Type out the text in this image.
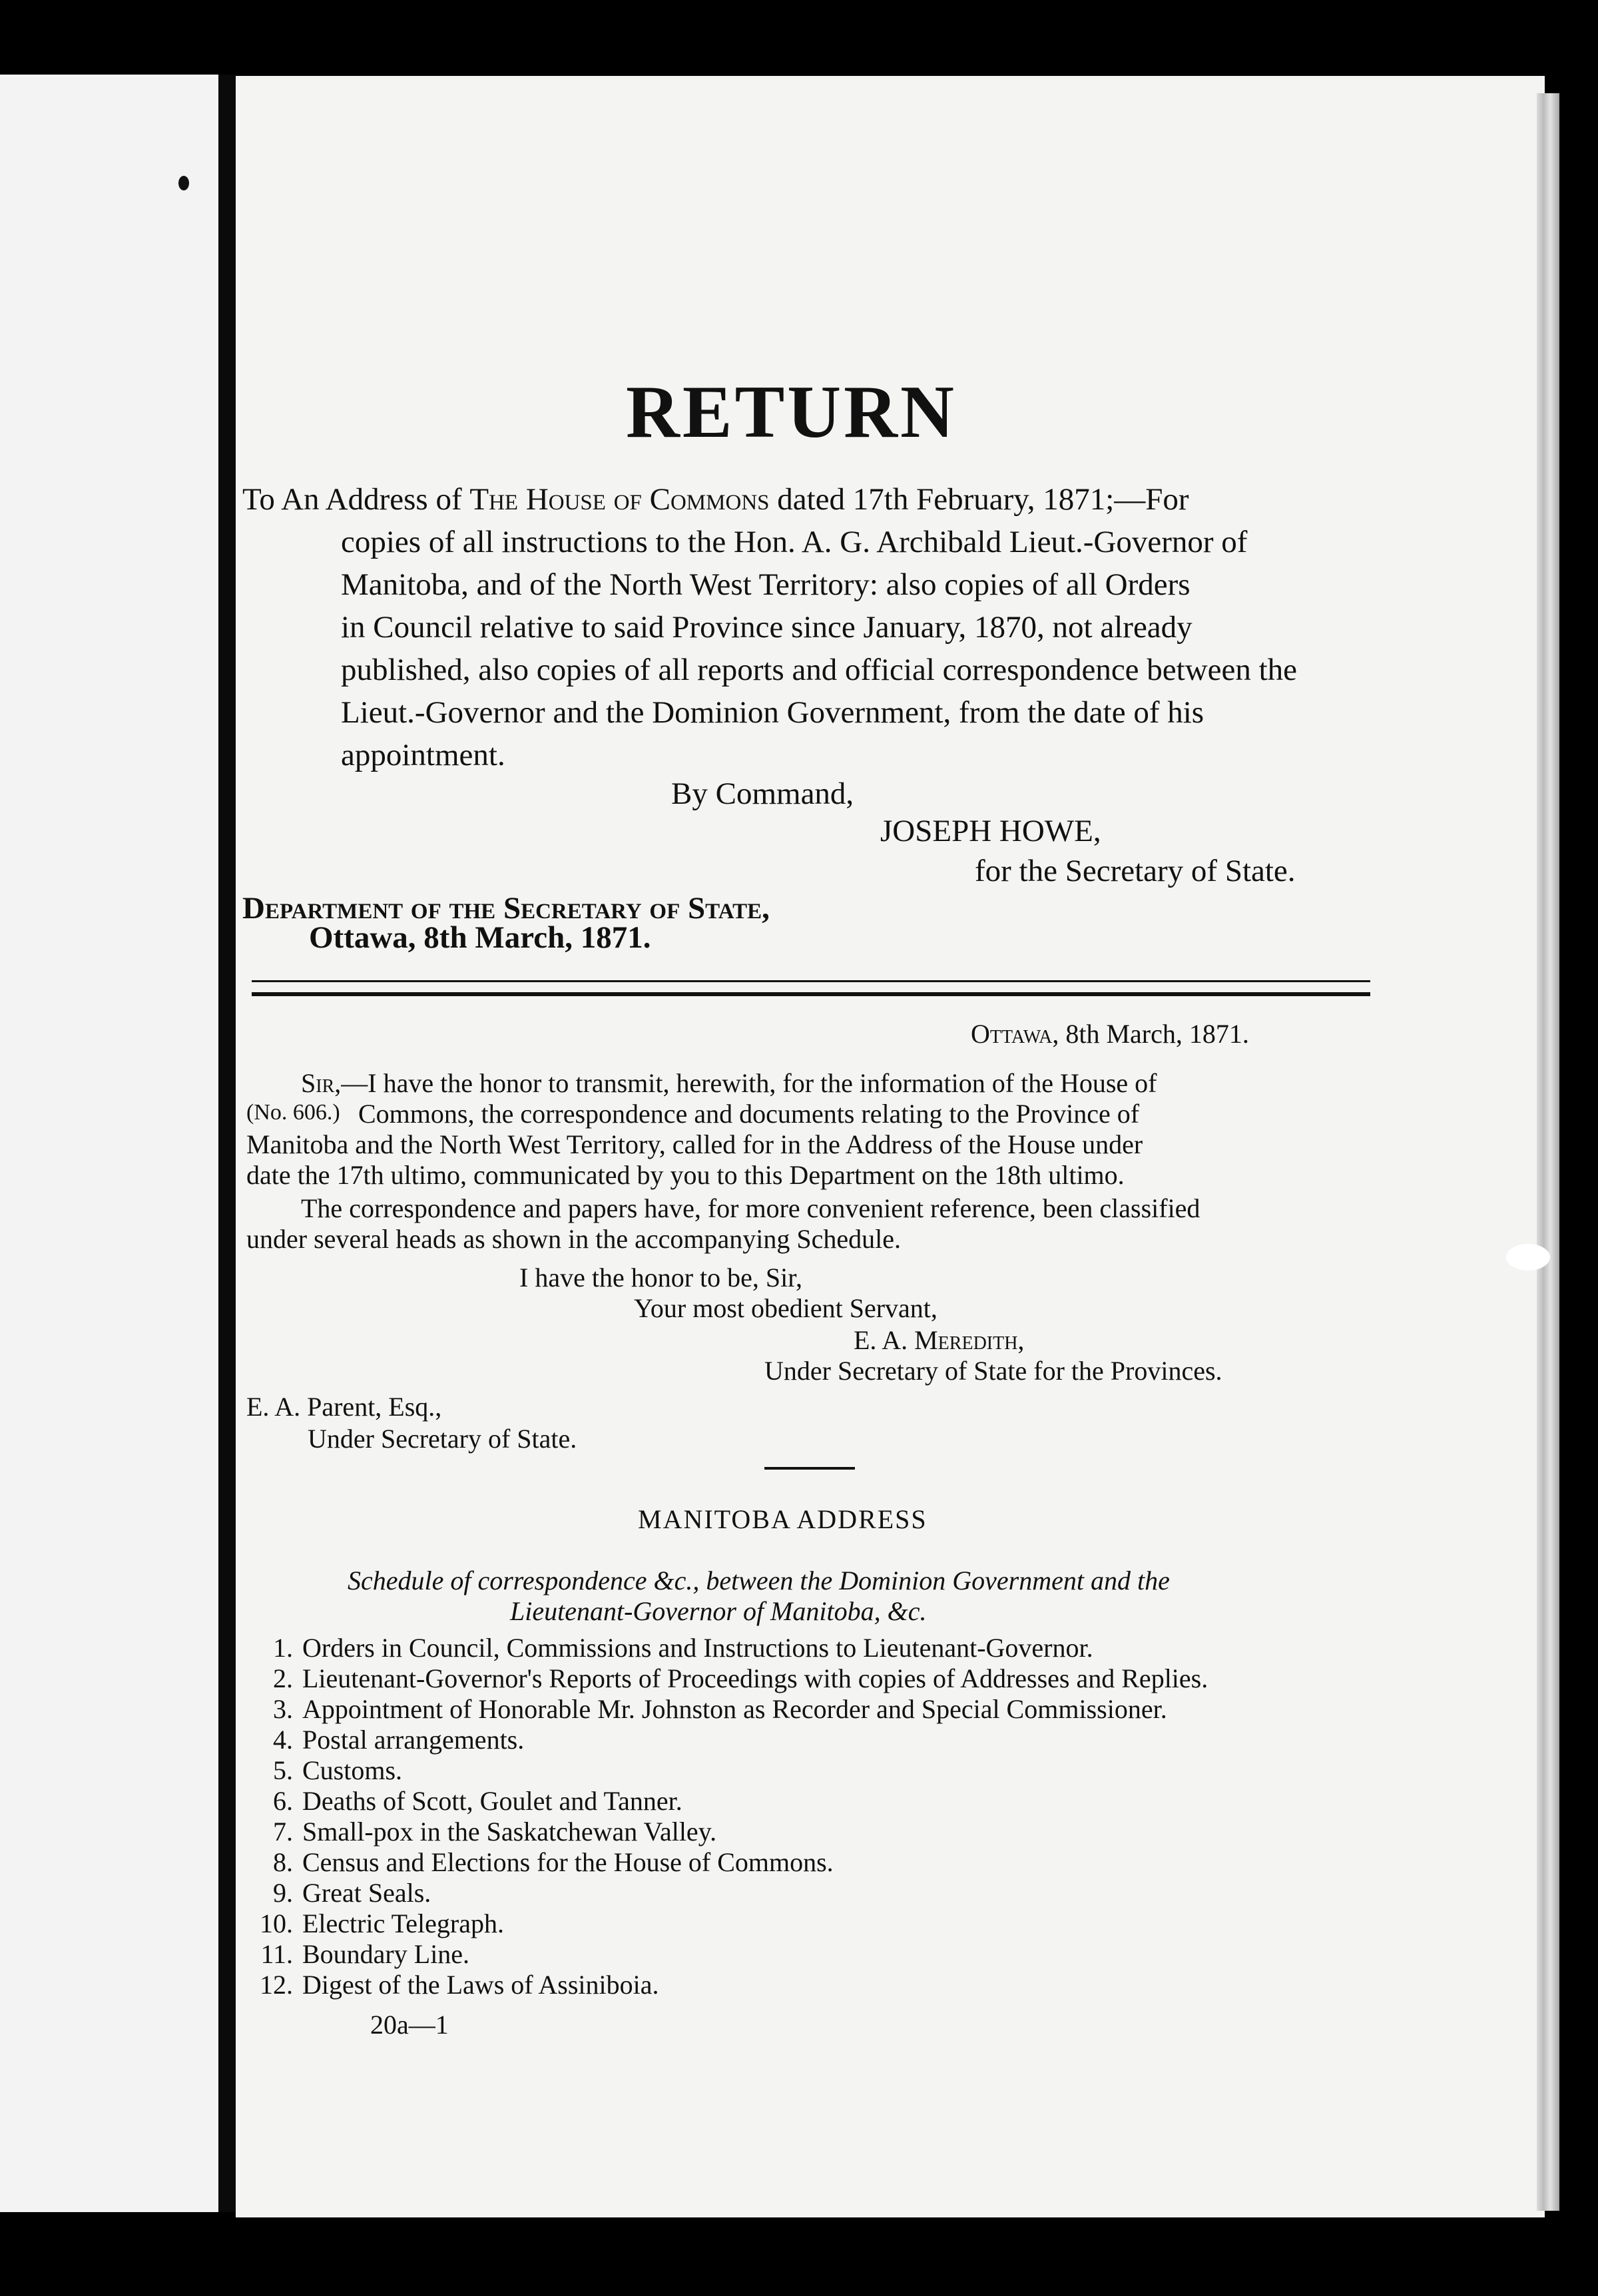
RETURN
To An Address of The House of Commons dated 17th February, 1871;—For
copies of all instructions to the Hon. A. G. Archibald Lieut.-Governor of
Manitoba, and of the North West Territory: also copies of all Orders
in Council relative to said Province since January, 1870, not already
published, also copies of all reports and official correspondence between the
Lieut.-Governor and the Dominion Government, from the date of his
appointment.
By Command,
JOSEPH HOWE,
for the Secretary of State.
Department of the Secretary of State,
Ottawa, 8th March, 1871.
Ottawa, 8th March, 1871.
Sir,—I have the honor to transmit, herewith, for the information of the House of
(No. 606.) Commons, the correspondence and documents relating to the Province of
Manitoba and the North West Territory, called for in the Address of the House under
date the 17th ultimo, communicated by you to this Department on the 18th ultimo.
The correspondence and papers have, for more convenient reference, been classified
under several heads as shown in the accompanying Schedule.
I have the honor to be, Sir,
Your most obedient Servant,
E. A. Meredith,
Under Secretary of State for the Provinces.
E. A. Parent, Esq.,
Under Secretary of State.
MANITOBA ADDRESS
Schedule of correspondence &c., between the Dominion Government and the
Lieutenant-Governor of Manitoba, &c.
1. Orders in Council, Commissions and Instructions to Lieutenant-Governor.
2. Lieutenant-Governor's Reports of Proceedings with copies of Addresses and Replies.
3. Appointment of Honorable Mr. Johnston as Recorder and Special Commissioner.
4. Postal arrangements.
5. Customs.
6. Deaths of Scott, Goulet and Tanner.
7. Small-pox in the Saskatchewan Valley.
8. Census and Elections for the House of Commons.
9. Great Seals.
10. Electric Telegraph.
11. Boundary Line.
12. Digest of the Laws of Assiniboia.
20a—1
